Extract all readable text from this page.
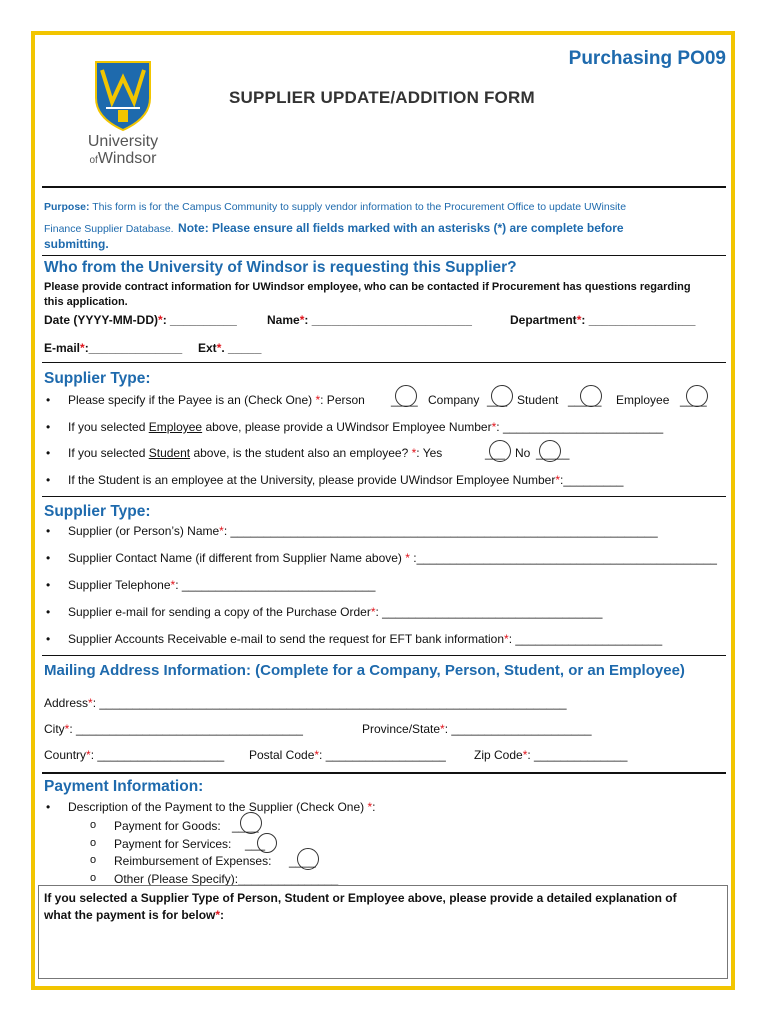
University
ofWindsor
Purchasing PO09
SUPPLIER UPDATE/ADDITION FORM
Purpose: This form is for the Campus Community to supply vendor information to the Procurement Office to update UWinsite
Finance Supplier Database. Note: Please ensure all fields marked with an asterisks (*) are complete before
submitting.
Who from the University of Windsor is requesting this Supplier?
Please provide contract information for UWindsor employee, who can be contacted if Procurement has questions regarding
this application.
Date (YYYY-MM-DD)*: __________	Name*: ________________________	Department*: ________________
E-mail*:______________ Ext*. _____
Supplier Type:
• Please specify if the Payee is an (Check One) *: Person ____ Company ___ Student _____ Employee ____
• If you selected Employee above, please provide a UWindsor Employee Number*: ________________________
• If you selected Student above, is the student also an employee? *: Yes	___ No _____
• If the Student is an employee at the University, please provide UWindsor Employee Number*:_________
Supplier Type:
• Supplier (or Person’s) Name*: ________________________________________________________________
• Supplier Contact Name (if different from Supplier Name above) * :_____________________________________________
• Supplier Telephone*: _____________________________
• Supplier e-mail for sending a copy of the Purchase Order*: _________________________________
• Supplier Accounts Receivable e-mail to send the request for EFT bank information*: ______________________
Mailing Address Information: (Complete for a Company, Person, Student, or an Employee)
Address*: ______________________________________________________________________
City*: __________________________________	Province/State*: _____________________
Country*: ___________________ Postal Code*: __________________ Zip Code*: ______________
Payment Information:
• Description of the Payment to the Supplier (Check One) *:
o Payment for Goods: ____
o Payment for Services: ___
o Reimbursement of Expenses: ____
o Other (Please Specify):_______________
If you selected a Supplier Type of Person, Student or Employee above, please provide a detailed explanation of
what the payment is for below*:
